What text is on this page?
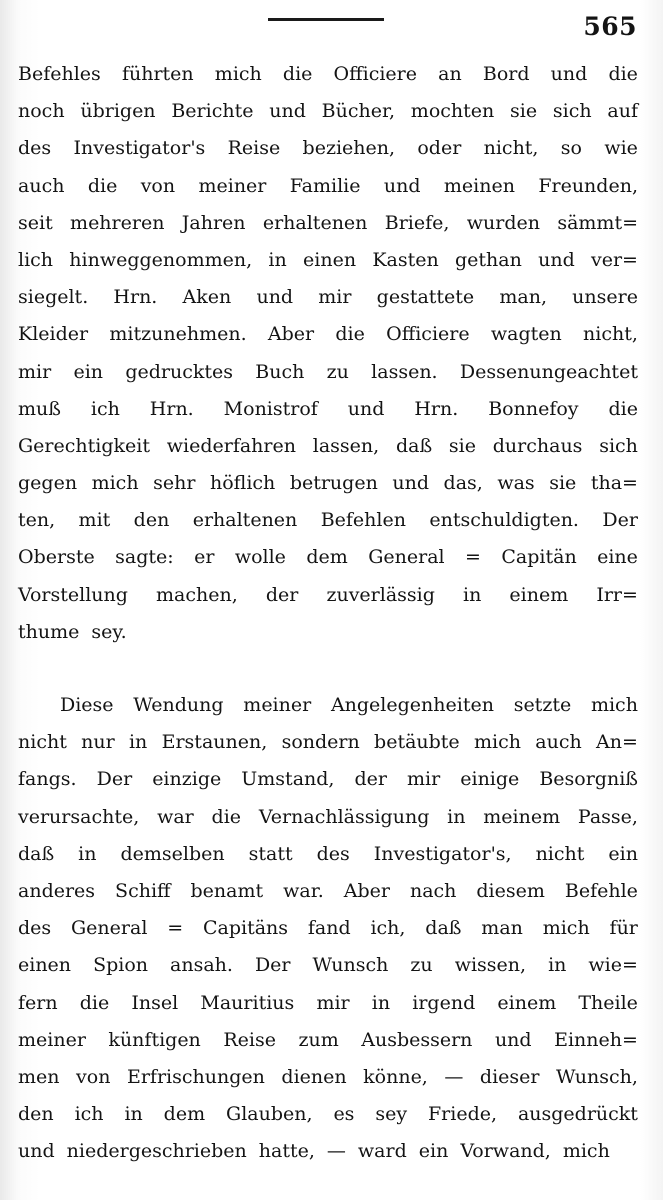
565
Befehles führten mich die Officiere an Bord und die
noch übrigen Berichte und Bücher, mochten sie sich auf
des Investigator's Reise beziehen, oder nicht, so wie
auch die von meiner Familie und meinen Freunden,
seit mehreren Jahren erhaltenen Briefe, wurden sämmt=
lich hinweggenommen, in einen Kasten gethan und ver=
siegelt. Hrn. Aken und mir gestattete man, unsere
Kleider mitzunehmen. Aber die Officiere wagten nicht,
mir ein gedrucktes Buch zu lassen. Dessenungeachtet
muß ich Hrn. Monistrof und Hrn. Bonnefoy die
Gerechtigkeit wiederfahren lassen, daß sie durchaus sich
gegen mich sehr höflich betrugen und das, was sie tha=
ten, mit den erhaltenen Befehlen entschuldigten. Der
Oberste sagte: er wolle dem General = Capitän eine
Vorstellung machen, der zuverlässig in einem Irr=
thume sey.
Diese Wendung meiner Angelegenheiten setzte mich
nicht nur in Erstaunen, sondern betäubte mich auch An=
fangs. Der einzige Umstand, der mir einige Besorgniß
verursachte, war die Vernachlässigung in meinem Passe,
daß in demselben statt des Investigator's, nicht ein
anderes Schiff benamt war. Aber nach diesem Befehle
des General = Capitäns fand ich, daß man mich für
einen Spion ansah. Der Wunsch zu wissen, in wie=
fern die Insel Mauritius mir in irgend einem Theile
meiner künftigen Reise zum Ausbessern und Einneh=
men von Erfrischungen dienen könne, — dieser Wunsch,
den ich in dem Glauben, es sey Friede, ausgedrückt
und niedergeschrieben hatte, — ward ein Vorwand, mich
